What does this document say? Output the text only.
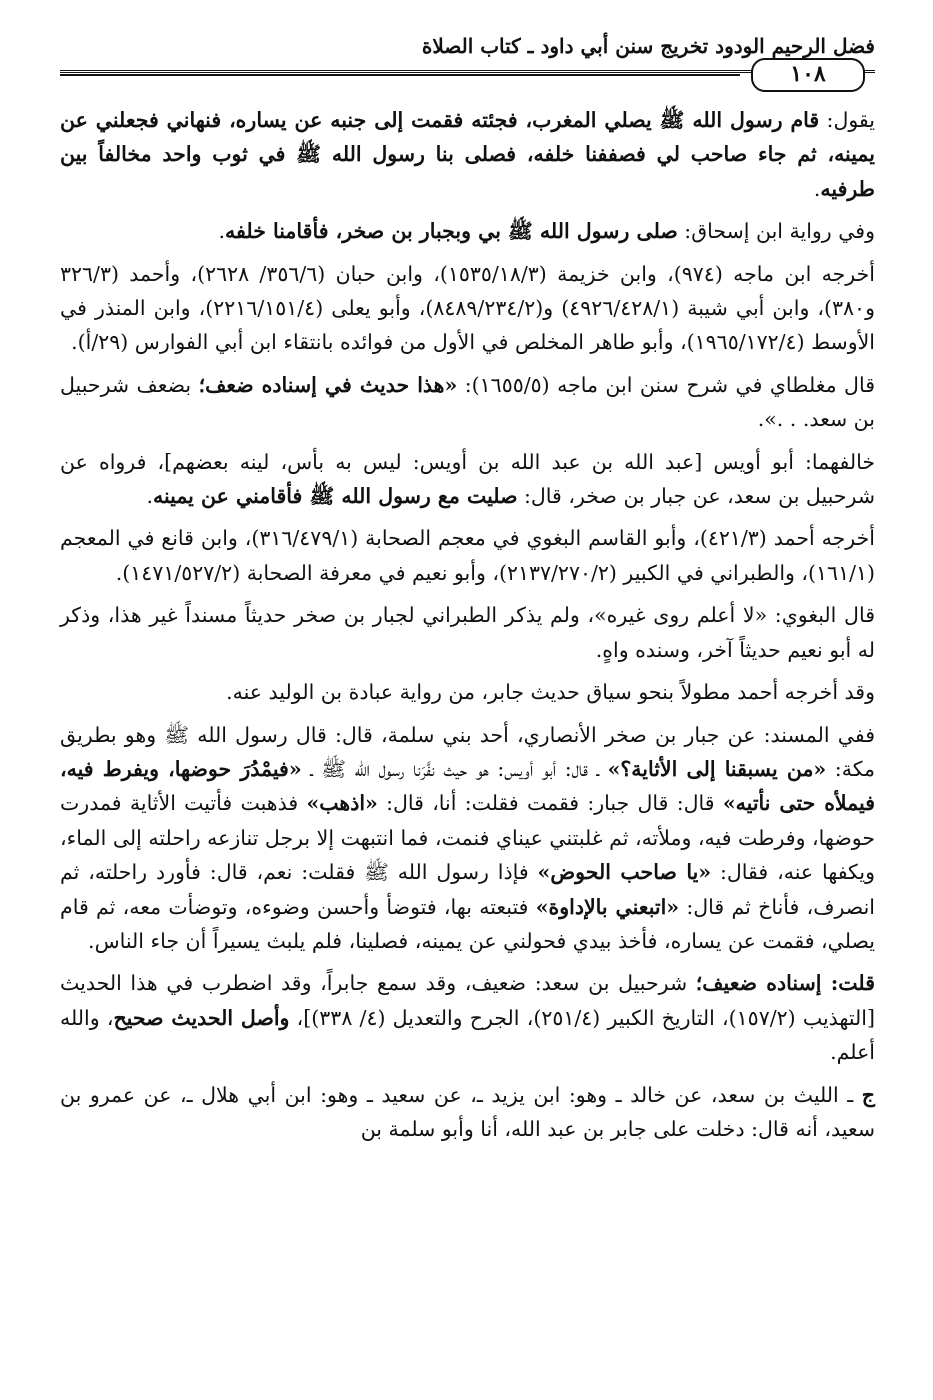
فضل الرحيم الودود تخريج سنن أبي داود ـ كتاب الصلاة
١٠٨

يقول: قام رسول الله ﷺ يصلي المغرب، فجئته فقمت إلى جنبه عن يساره، فنهاني فجعلني عن يمينه، ثم جاء صاحب لي فصففنا خلفه، فصلى بنا رسول الله ﷺ في ثوب واحد مخالفاً بين طرفيه.

وفي رواية ابن إسحاق: صلى رسول الله ﷺ بي وبجبار بن صخر، فأقامنا خلفه.

أخرجه ابن ماجه (٩٧٤)، وابن خزيمة (١٥٣٥/١٨/٣)، وابن حبان (٣٥٦/٦/ ٢٦٢٨)، وأحمد (٣٢٦/٣ و٣٨٠)، وابن أبي شيبة (٤٩٢٦/٤٢٨/١) و(٨٤٨٩/٢٣٤/٢)، وأبو يعلى (٢٢١٦/١٥١/٤)، وابن المنذر في الأوسط (١٩٦٥/١٧٢/٤)، وأبو طاهر المخلص في الأول من فوائده بانتقاء ابن أبي الفوارس (٢٩/أ).

قال مغلطاي في شرح سنن ابن ماجه (١٦٥٥/٥): «هذا حديث في إسناده ضعف؛ بضعف شرحبيل بن سعد. . .».

خالفهما: أبو أويس [عبد الله بن عبد الله بن أويس: ليس به بأس، لينه بعضهم]، فرواه عن شرحبيل بن سعد، عن جبار بن صخر، قال: صليت مع رسول الله ﷺ فأقامني عن يمينه.

أخرجه أحمد (٤٢١/٣)، وأبو القاسم البغوي في معجم الصحابة (٣١٦/٤٧٩/١)، وابن قانع في المعجم (١٦١/١)، والطبراني في الكبير (٢١٣٧/٢٧٠/٢)، وأبو نعيم في معرفة الصحابة (١٤٧١/٥٢٧/٢).

قال البغوي: «لا أعلم روى غيره»، ولم يذكر الطبراني لجبار بن صخر حديثاً مسنداً غير هذا، وذكر له أبو نعيم حديثاً آخر، وسنده واهٍ.

وقد أخرجه أحمد مطولاً بنحو سياق حديث جابر، من رواية عبادة بن الوليد عنه.

ففي المسند: عن جبار بن صخر الأنصاري، أحد بني سلمة، قال: قال رسول الله ﷺ وهو بطريق مكة: «من يسبقنا إلى الأثاية؟» ـ قال: أبو أويس: هو حيث نفَّرَنا رسول الله ﷺ ـ «فيمْدُرَ حوضها، ويفرط فيه، فيملأه حتى نأتيه» قال: قال جبار: فقمت فقلت: أنا، قال: «اذهب» فذهبت فأتيت الأثاية فمدرت حوضها، وفرطت فيه، وملأته، ثم غلبتني عيناي فنمت، فما انتبهت إلا برجل تنازعه راحلته إلى الماء، ويكفها عنه، فقال: «يا صاحب الحوض» فإذا رسول الله ﷺ فقلت: نعم، قال: فأورد راحلته، ثم انصرف، فأناخ ثم قال: «اتبعني بالإداوة» فتبعته بها، فتوضأ وأحسن وضوءه، وتوضأت معه، ثم قام يصلي، فقمت عن يساره، فأخذ بيدي فحولني عن يمينه، فصلينا، فلم يلبث يسيراً أن جاء الناس.

قلت: إسناده ضعيف؛ شرحبيل بن سعد: ضعيف، وقد سمع جابراً، وقد اضطرب في هذا الحديث [التهذيب (١٥٧/٢)، التاريخ الكبير (٢٥١/٤)، الجرح والتعديل (٤/ ٣٣٨)]، وأصل الحديث صحيح، والله أعلم.

ج ـ الليث بن سعد، عن خالد ـ وهو: ابن يزيد ـ، عن سعيد ـ وهو: ابن أبي هلال ـ، عن عمرو بن سعيد، أنه قال: دخلت على جابر بن عبد الله، أنا وأبو سلمة بن
